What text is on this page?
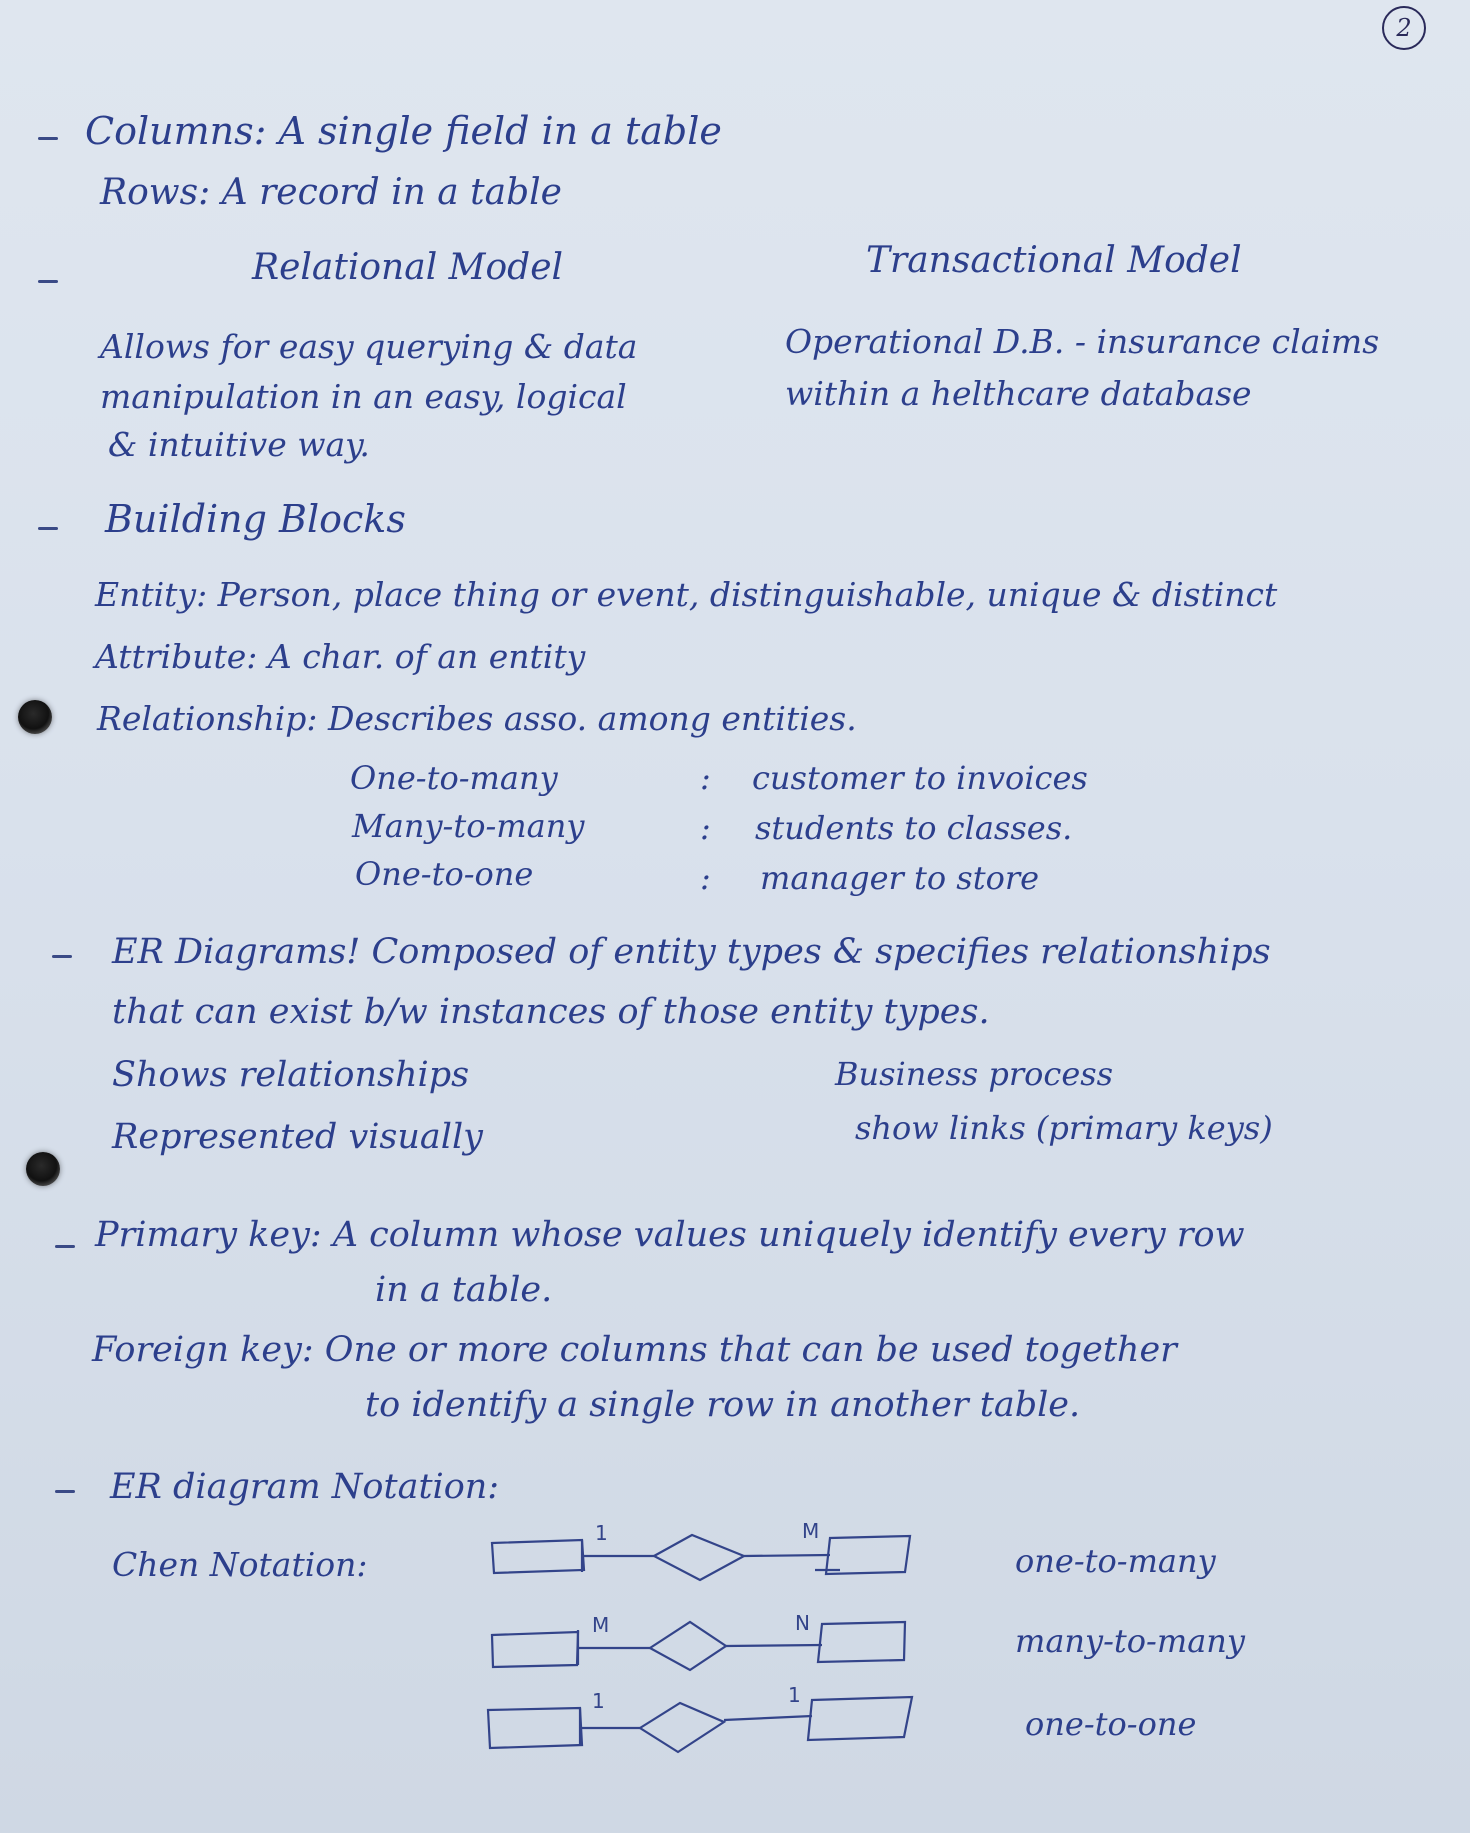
2
Columns: A single field in a table
Rows: A record in a table
Relational Model	Transactional Model
Allows for easy querying & data
manipulation in an easy, logical
& intuitive way.
Operational D.B. - insurance claims
within a helthcare database
Building Blocks
Entity: Person, place thing or event, distinguishable, unique & distinct
Attribute: A char. of an entity
Relationship: Describes asso. among entities.
One-to-many	: customer to invoices
Many-to-many	: students to classes.
One-to-one	: manager to store
ER Diagrams! Composed of entity types & specifies relationships
that can exist b/w instances of those entity types.
Shows relationships
Represented visually
Business process
show links (primary keys)
Primary key: A column whose values uniquely identify every row
in a table.
Foreign key: One or more columns that can be used together
to identify a single row in another table.
ER diagram Notation:
Chen Notation:
1	M
M	N
1	1
one-to-many
many-to-many
one-to-one
